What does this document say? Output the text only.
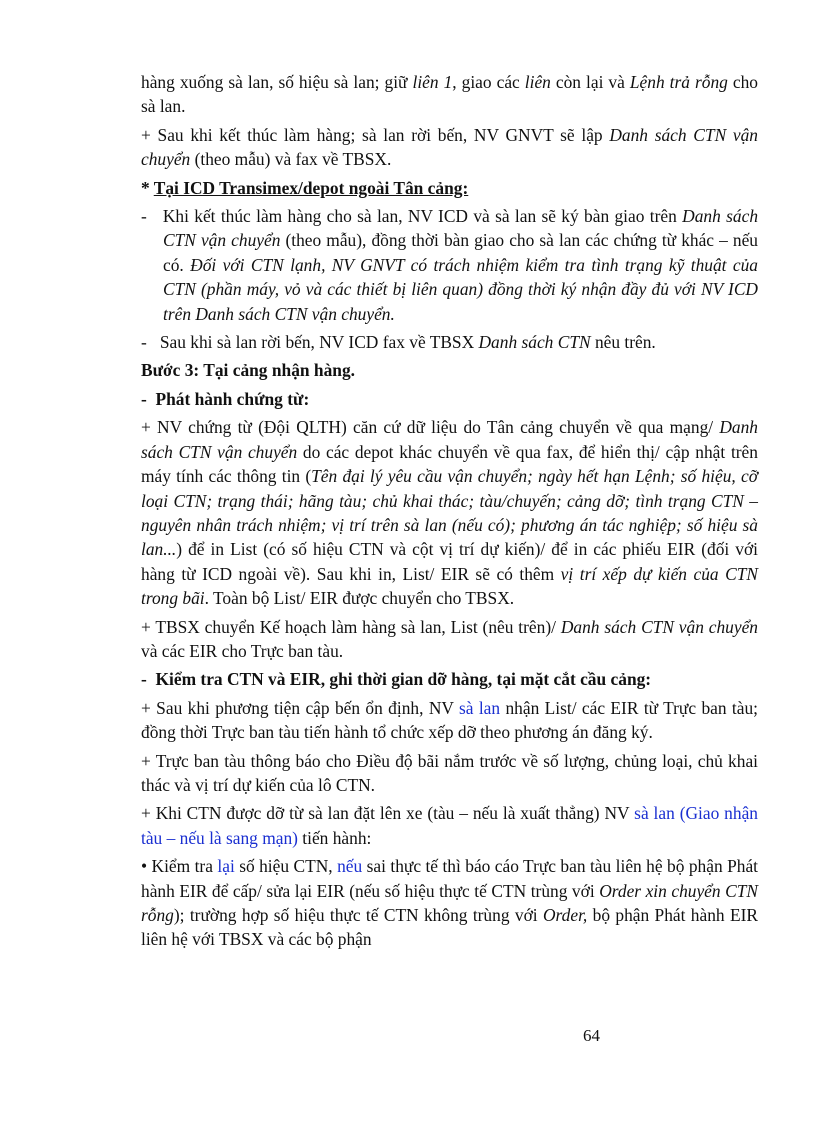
hàng xuống sà lan, số hiệu sà lan; giữ liên 1, giao các liên còn lại và Lệnh trả rỗng cho sà lan.

+ Sau khi kết thúc làm hàng; sà lan rời bến, NV GNVT sẽ lập Danh sách CTN vận chuyển (theo mẫu) và fax về TBSX.

* Tại ICD Transimex/depot ngoài Tân cảng:

- Khi kết thúc làm hàng cho sà lan, NV ICD và sà lan sẽ ký bàn giao trên Danh sách CTN vận chuyển (theo mẫu), đồng thời bàn giao cho sà lan các chứng từ khác – nếu có. Đối với CTN lạnh, NV GNVT có trách nhiệm kiểm tra tình trạng kỹ thuật của CTN (phần máy, vỏ và các thiết bị liên quan) đồng thời ký nhận đầy đủ với NV ICD trên Danh sách CTN vận chuyển.

- Sau khi sà lan rời bến, NV ICD fax về TBSX Danh sách CTN nêu trên.

Bước 3: Tại cảng nhận hàng.

- Phát hành chứng từ:

+ NV chứng từ (Đội QLTH) căn cứ dữ liệu do Tân cảng chuyển về qua mạng/ Danh sách CTN vận chuyển do các depot khác chuyển về qua fax, để hiển thị/ cập nhật trên máy tính các thông tin (Tên đại lý yêu cầu vận chuyển; ngày hết hạn Lệnh; số hiệu, cỡ loại CTN; trạng thái; hãng tàu; chủ khai thác; tàu/chuyến; cảng dỡ; tình trạng CTN – nguyên nhân trách nhiệm; vị trí trên sà lan (nếu có); phương án tác nghiệp; số hiệu sà lan...) để in List (có số hiệu CTN và cột vị trí dự kiến)/ để in các phiếu EIR (đối với hàng từ ICD ngoài về). Sau khi in, List/ EIR sẽ có thêm vị trí xếp dự kiến của CTN trong bãi. Toàn bộ List/ EIR được chuyển cho TBSX.

+ TBSX chuyển Kế hoạch làm hàng sà lan, List (nêu trên)/ Danh sách CTN vận chuyển và các EIR cho Trực ban tàu.

- Kiểm tra CTN và EIR, ghi thời gian dỡ hàng, tại mặt cắt cầu cảng:

+ Sau khi phương tiện cập bến ổn định, NV sà lan nhận List/ các EIR từ Trực ban tàu; đồng thời Trực ban tàu tiến hành tổ chức xếp dỡ theo phương án đăng ký.

+ Trực ban tàu thông báo cho Điều độ bãi nắm trước về số lượng, chủng loại, chủ khai thác và vị trí dự kiến của lô CTN.

+ Khi CTN được dỡ từ sà lan đặt lên xe (tàu – nếu là xuất thẳng) NV sà lan (Giao nhận tàu – nếu là sang mạn) tiến hành:

• Kiểm tra lại số hiệu CTN, nếu sai thực tế thì báo cáo Trực ban tàu liên hệ bộ phận Phát hành EIR để cấp/ sửa lại EIR (nếu số hiệu thực tế CTN trùng với Order xin chuyển CTN rỗng); trường hợp số hiệu thực tế CTN không trùng với Order, bộ phận Phát hành EIR liên hệ với TBSX và các bộ phận

64
